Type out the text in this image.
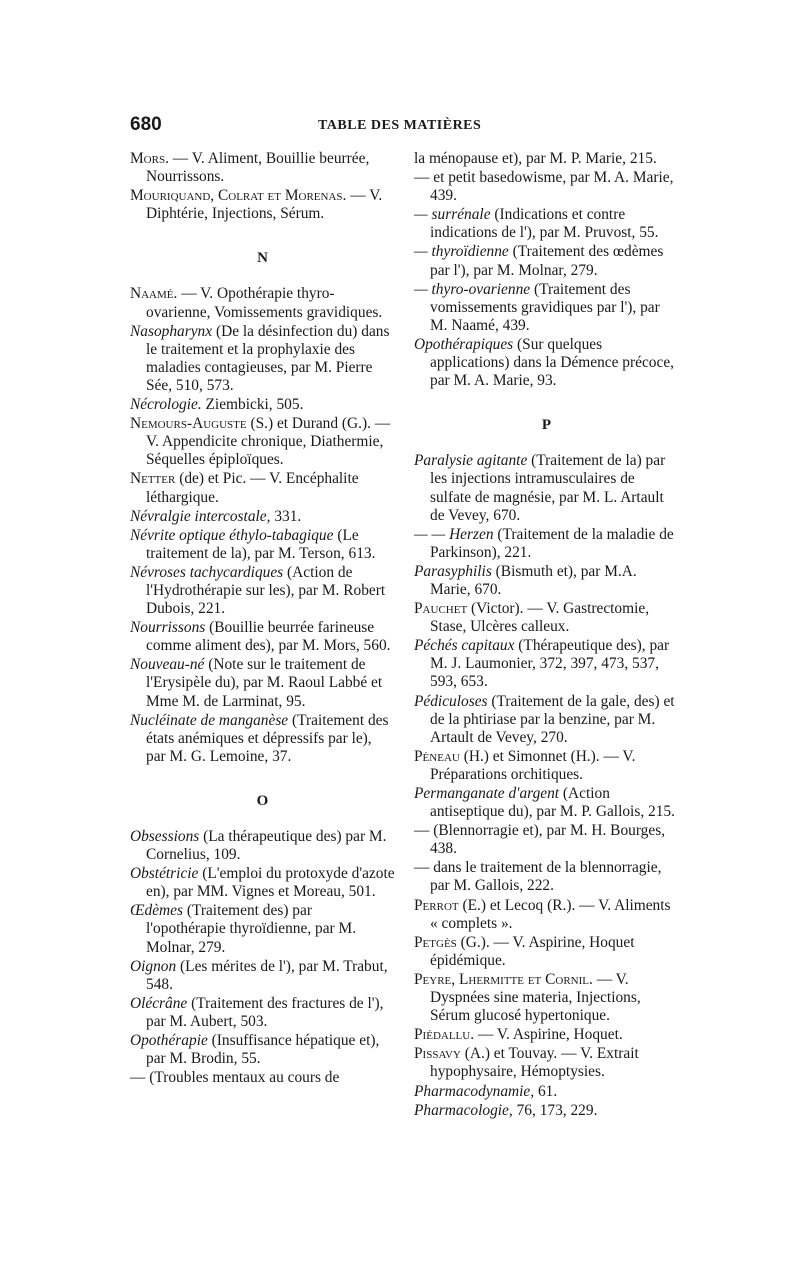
680	TABLE DES MATIÈRES
Mors. — V. Aliment, Bouillie beurrée, Nourrissons.
Mouriquand, Colrat et Morenas. — V. Diphtérie, Injections, Sérum.
N
Naamé. — V. Opothérapie thyro-ovarienne, Vomissements gravidiques.
Nasopharynx (De la désinfection du) dans le traitement et la prophylaxie des maladies contagieuses, par M. Pierre Sée, 510, 573.
Nécrologie. Ziembicki, 505.
Nemours-Auguste (S.) et Durand (G.). — V. Appendicite chronique, Diathermie, Séquelles épiploïques.
Netter (de) et Pic. — V. Encéphalite léthargique.
Névralgie intercostale, 331.
Névrite optique éthylo-tabagique (Le traitement de la), par M. Terson, 613.
Névroses tachycardiques (Action de l'Hydrothérapie sur les), par M. Robert Dubois, 221.
Nourrissons (Bouillie beurrée farineuse comme aliment des), par M. Mors, 560.
Nouveau-né (Note sur le traitement de l'Erysipèle du), par M. Raoul Labbé et Mme M. de Larminat, 95.
Nucléinate de manganèse (Traitement des états anémiques et dépressifs par le), par M. G. Lemoine, 37.
O
Obsessions (La thérapeutique des) par M. Cornelius, 109.
Obstétricie (L'emploi du protoxyde d'azote en), par MM. Vignes et Moreau, 501.
Œdèmes (Traitement des) par l'opothérapie thyroïdienne, par M. Molnar, 279.
Oignon (Les mérites de l'), par M. Trabut, 548.
Olécrâne (Traitement des fractures de l'), par M. Aubert, 503.
Opothérapie (Insuffisance hépatique et), par M. Brodin, 55.
— (Troubles mentaux au cours de
la ménopause et), par M. P. Marie, 215.
— et petit basedowisme, par M. A. Marie, 439.
— surrénale (Indications et contre indications de l'), par M. Pruvost, 55.
— thyroïdienne (Traitement des œdèmes par l'), par M. Molnar, 279.
— thyro-ovarienne (Traitement des vomissements gravidiques par l'), par M. Naamé, 439.
Opothérapiques (Sur quelques applications) dans la Démence précoce, par M. A. Marie, 93.
P
Paralysie agitante (Traitement de la) par les injections intramusculaires de sulfate de magnésie, par M. L. Artault de Vevey, 670.
— — Herzen (Traitement de la maladie de Parkinson), 221.
Parasyphilis (Bismuth et), par M.A. Marie, 670.
Pauchet (Victor). — V. Gastrectomie, Stase, Ulcères calleux.
Péchés capitaux (Thérapeutique des), par M. J. Laumonier, 372, 397, 473, 537, 593, 653.
Pédiculoses (Traitement de la gale, des) et de la phtiriase par la benzine, par M. Artault de Vevey, 270.
Péneau (H.) et Simonnet (H.). — V. Préparations orchitiques.
Permanganate d'argent (Action antiseptique du), par M. P. Gallois, 215.
— (Blennorragie et), par M. H. Bourges, 438.
— dans le traitement de la blennorragie, par M. Gallois, 222.
Perrot (E.) et Lecoq (R.). — V. Aliments « complets ».
Petgès (G.). — V. Aspirine, Hoquet épidémique.
Peyre, Lhermitte et Cornil. — V. Dyspnées sine materia, Injections, Sérum glucosé hypertonique.
Piédallu. — V. Aspirine, Hoquet.
Pissavy (A.) et Touvay. — V. Extrait hypophysaire, Hémoptysies.
Pharmacodynamie, 61.
Pharmacologie, 76, 173, 229.
